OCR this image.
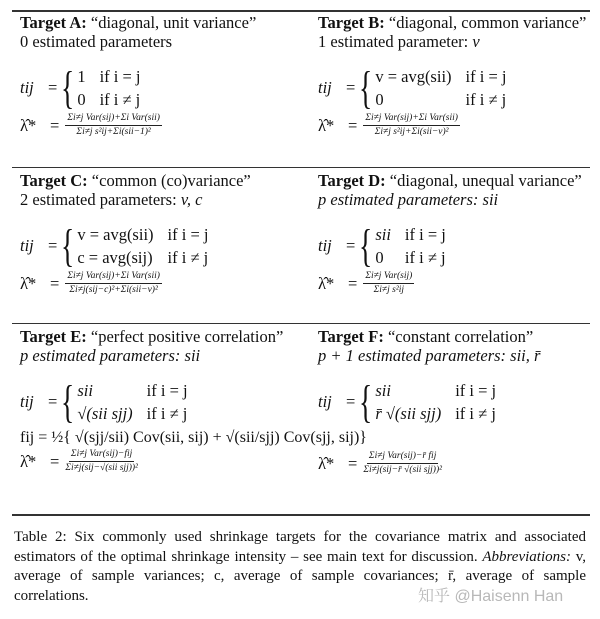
Target A: “diagonal, unit variance”
0 estimated parameters
tij = { 1 if i = j
0 if i ≠ j
λ̂* = $\frac{\text{Σi≠j Var(sij)+Σi Var(sii)}}{\text{Σi≠j s²ij+Σi(sii−1)²}}$
Target B: “diagonal, common variance”
1 estimated parameter: v
tij = { v = avg(sii) if i = j
0	if i ≠ j
λ̂* = $\frac{\text{Σi≠j Var(sij)+Σi Var(sii)}}{\text{Σi≠j s²ij+Σi(sii−v)²}}$
Target C: “common (co)variance”
2 estimated parameters: v, c
tij = { v = avg(sii) if i = j
c = avg(sij) if i ≠ j
λ̂* = $\frac{\text{Σi≠j Var(sij)+Σi Var(sii)}}{\text{Σi≠j(sij−c)²+Σi(sii−v)²}}$
Target D: “diagonal, unequal variance”
p estimated parameters: sii
tij = { sii if i = j
0	if i ≠ j
λ̂* = $\frac{\text{Σi≠j Var(sij)}}{\text{Σi≠j s²ij}}$
Target E: “perfect positive correlation”
p estimated parameters: sii
tij = { sii	if i = j
√(sii sjj) if i ≠ j
fij = ½{ √(sjj/sii) Cov(sii, sij) + √(sii/sjj) Cov(sjj, sij)}
λ̂* = $\frac{\text{Σi≠j Var(sij)−fij}}{\text{Σi≠j(sij−√(sii sjj))²}}$
Target F: “constant correlation”
p + 1 estimated parameters: sii, r̄
tij = { sii	if i = j
r̄ √(sii sjj) if i ≠ j
λ̂* = $\frac{\text{Σi≠j Var(sij)−r̄ fij}}{\text{Σi≠j(sij−r̄ √(sii sjj))²}}$
Table 2: Six commonly used shrinkage targets for the covariance matrix and associated estimators of the optimal shrinkage intensity – see main text for discussion. Abbreviations: v, average of sample variances; c, average of sample covariances; r̄, average of sample correlations.	知乎 @Haisenn Han
